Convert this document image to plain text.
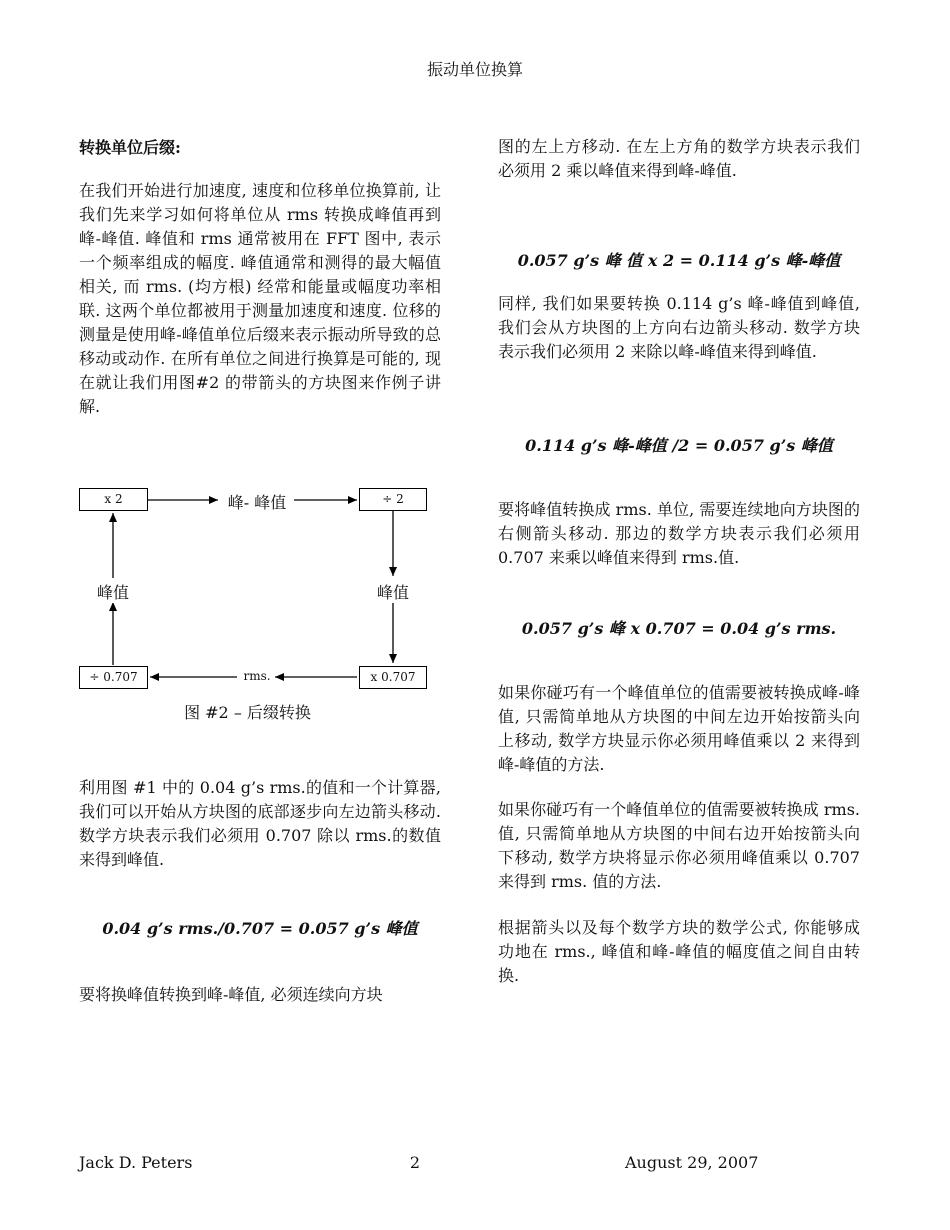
振动单位换算
转换单位后缀:
在我们开始进行加速度, 速度和位移单位换算前, 让我们先来学习如何将单位从 rms 转换成峰值再到峰-峰值. 峰值和 rms 通常被用在 FFT 图中, 表示一个频率组成的幅度. 峰值通常和测得的最大幅值相关, 而 rms. (均方根) 经常和能量或幅度功率相联. 这两个单位都被用于测量加速度和速度. 位移的测量是使用峰-峰值单位后缀来表示振动所导致的总移动或动作. 在所有单位之间进行换算是可能的, 现在就让我们用图#2 的带箭头的方块图来作例子讲解.
x 2	÷ 2
÷ 0.707	x 0.707
峰- 峰值
峰值	峰值
rms.
图 #2 – 后缀转换
利用图 #1 中的 0.04 g’s rms.的值和一个计算器, 我们可以开始从方块图的底部逐步向左边箭头移动. 数学方块表示我们必须用 0.707 除以 rms.的数值来得到峰值.
0.04 g’s rms./0.707 = 0.057 g’s 峰值
要将换峰值转换到峰-峰值, 必须连续向方块
图的左上方移动. 在左上方角的数学方块表示我们必须用 2 乘以峰值来得到峰-峰值.
0.057 g’s 峰 值 x 2 = 0.114 g’s 峰-峰值
同样, 我们如果要转换 0.114 g’s 峰-峰值到峰值, 我们会从方块图的上方向右边箭头移动. 数学方块表示我们必须用 2 来除以峰-峰值来得到峰值.
0.114 g’s 峰-峰值 /2 = 0.057 g’s 峰值
要将峰值转换成 rms. 单位, 需要连续地向方块图的右侧箭头移动. 那边的数学方块表示我们必须用 0.707 来乘以峰值来得到 rms.值.
0.057 g’s 峰 x 0.707 = 0.04 g’s rms.
如果你碰巧有一个峰值单位的值需要被转换成峰-峰值, 只需简单地从方块图的中间左边开始按箭头向上移动, 数学方块显示你必须用峰值乘以 2 来得到峰-峰值的方法.
如果你碰巧有一个峰值单位的值需要被转换成 rms.值, 只需简单地从方块图的中间右边开始按箭头向下移动, 数学方块将显示你必须用峰值乘以 0.707 来得到 rms. 值的方法.
根据箭头以及每个数学方块的数学公式, 你能够成功地在 rms., 峰值和峰-峰值的幅度值之间自由转换.
Jack D. Peters	2	August 29, 2007
